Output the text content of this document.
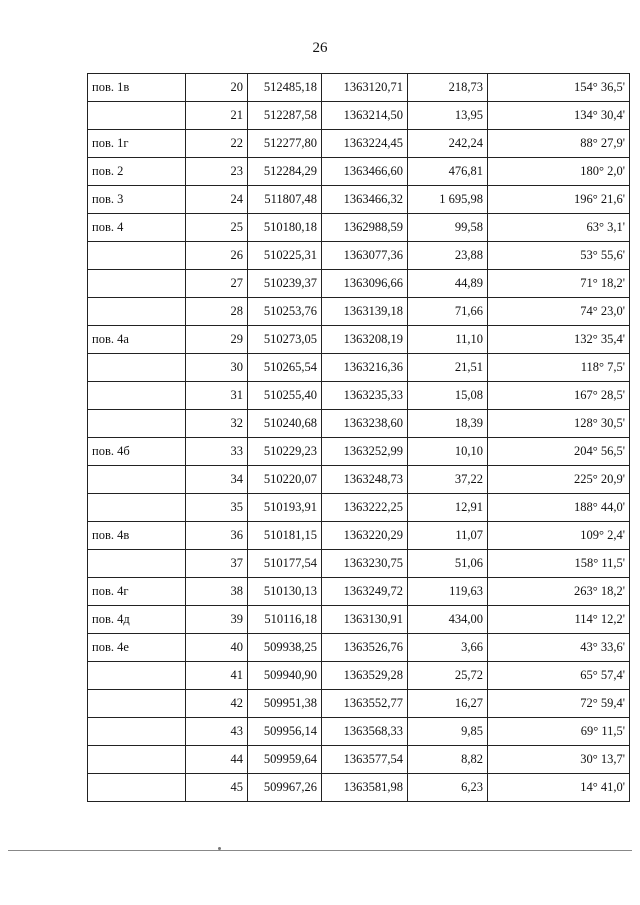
26
пов. 1в	20	512485,18	1363120,71	218,73	154° 36,5'
	21	512287,58	1363214,50	13,95	134° 30,4'
пов. 1г	22	512277,80	1363224,45	242,24	88° 27,9'
пов. 2	23	512284,29	1363466,60	476,81	180° 2,0'
пов. 3	24	511807,48	1363466,32	1 695,98	196° 21,6'
пов. 4	25	510180,18	1362988,59	99,58	63° 3,1'
	26	510225,31	1363077,36	23,88	53° 55,6'
	27	510239,37	1363096,66	44,89	71° 18,2'
	28	510253,76	1363139,18	71,66	74° 23,0'
пов. 4а	29	510273,05	1363208,19	11,10	132° 35,4'
	30	510265,54	1363216,36	21,51	118° 7,5'
	31	510255,40	1363235,33	15,08	167° 28,5'
	32	510240,68	1363238,60	18,39	128° 30,5'
пов. 4б	33	510229,23	1363252,99	10,10	204° 56,5'
	34	510220,07	1363248,73	37,22	225° 20,9'
	35	510193,91	1363222,25	12,91	188° 44,0'
пов. 4в	36	510181,15	1363220,29	11,07	109° 2,4'
	37	510177,54	1363230,75	51,06	158° 11,5'
пов. 4г	38	510130,13	1363249,72	119,63	263° 18,2'
пов. 4д	39	510116,18	1363130,91	434,00	114° 12,2'
пов. 4е	40	509938,25	1363526,76	3,66	43° 33,6'
	41	509940,90	1363529,28	25,72	65° 57,4'
	42	509951,38	1363552,77	16,27	72° 59,4'
	43	509956,14	1363568,33	9,85	69° 11,5'
	44	509959,64	1363577,54	8,82	30° 13,7'
	45	509967,26	1363581,98	6,23	14° 41,0'
